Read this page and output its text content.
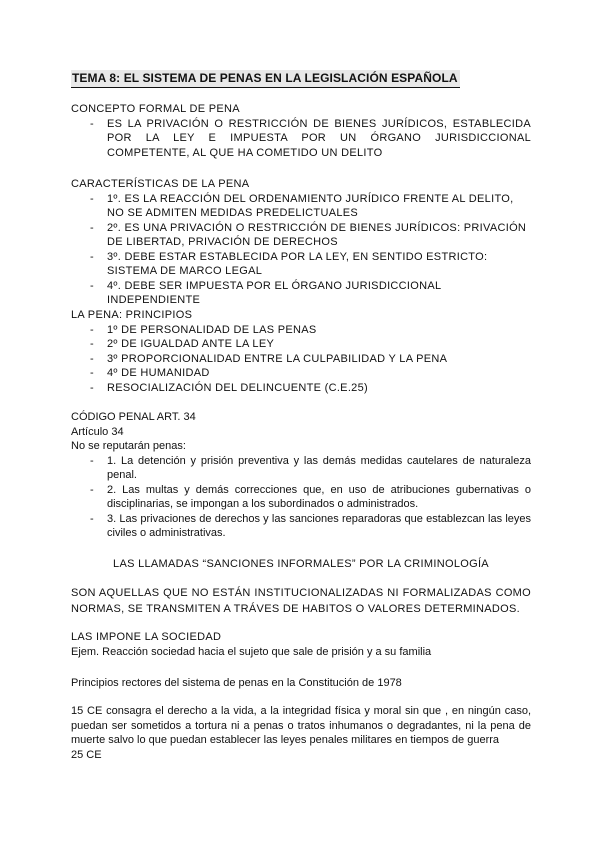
TEMA 8: EL SISTEMA DE PENAS EN LA LEGISLACIÓN ESPAÑOLA
CONCEPTO FORMAL DE PENA
- ES LA PRIVACIÓN O RESTRICCIÓN DE BIENES JURÍDICOS, ESTABLECIDA POR LA LEY E IMPUESTA POR UN ÓRGANO JURISDICCIONAL COMPETENTE, AL QUE HA COMETIDO UN DELITO
CARACTERÍSTICAS DE LA PENA
- 1º. ES LA REACCIÓN DEL ORDENAMIENTO JURÍDICO FRENTE AL DELITO, NO SE ADMITEN MEDIDAS PREDELICTUALES
- 2º. ES UNA PRIVACIÓN O RESTRICCIÓN DE BIENES JURÍDICOS: PRIVACIÓN DE LIBERTAD, PRIVACIÓN DE DERECHOS
- 3º. DEBE ESTAR ESTABLECIDA POR LA LEY, EN SENTIDO ESTRICTO: SISTEMA DE MARCO LEGAL
- 4º. DEBE SER IMPUESTA POR EL ÓRGANO JURISDICCIONAL INDEPENDIENTE
LA PENA: PRINCIPIOS
- 1º DE PERSONALIDAD DE LAS PENAS
- 2º DE IGUALDAD ANTE LA LEY
- 3º PROPORCIONALIDAD ENTRE LA CULPABILIDAD Y LA PENA
- 4º DE HUMANIDAD
- RESOCIALIZACIÓN DEL DELINCUENTE (C.E.25)
CÓDIGO PENAL ART. 34
Artículo 34
No se reputarán penas:
- 1. La detención y prisión preventiva y las demás medidas cautelares de naturaleza penal.
- 2. Las multas y demás correcciones que, en uso de atribuciones gubernativas o disciplinarias, se impongan a los subordinados o administrados.
- 3. Las privaciones de derechos y las sanciones reparadoras que establezcan las leyes civiles o administrativas.
LAS LLAMADAS “SANCIONES INFORMALES” POR LA CRIMINOLOGÍA
SON AQUELLAS QUE NO ESTÁN INSTITUCIONALIZADAS NI FORMALIZADAS COMO NORMAS, SE TRANSMITEN A TRÁVES DE HABITOS O VALORES DETERMINADOS.
LAS IMPONE LA SOCIEDAD
Ejem. Reacción sociedad hacia el sujeto que sale de prisión y a su familia
Principios rectores del sistema de penas en la Constitución de 1978
15 CE consagra el derecho a la vida, a la integridad física y moral sin que , en ningún caso, puedan ser sometidos a tortura ni a penas o tratos inhumanos o degradantes, ni la pena de muerte salvo lo que puedan establecer las leyes penales militares en tiempos de guerra
25 CE
